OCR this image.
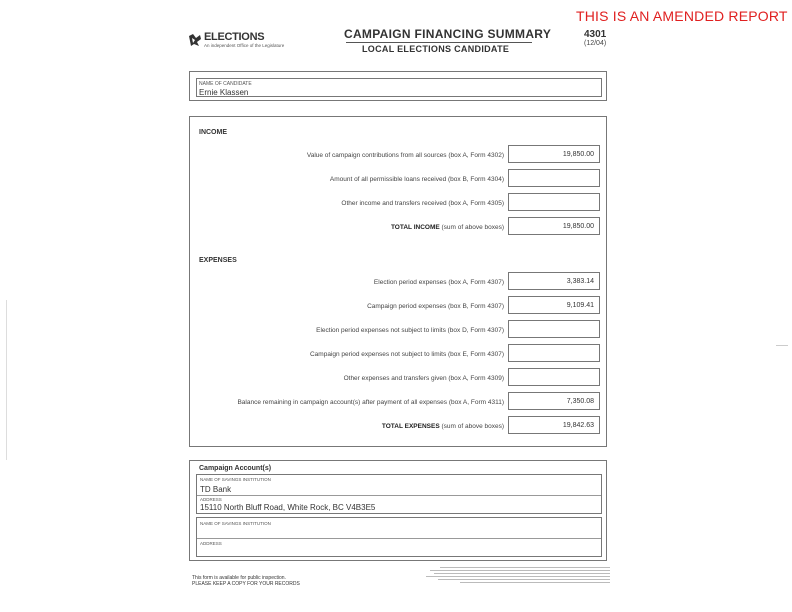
THIS IS AN AMENDED REPORT
ELECTIONS
An independent Office of the Legislature
CAMPAIGN FINANCING SUMMARY
LOCAL ELECTIONS CANDIDATE
4301
(12/04)
NAME OF CANDIDATE
Ernie Klassen
INCOME
Value of campaign contributions from all sources (box A, Form 4302)	19,850.00
Amount of all permissible loans received (box B, Form 4304)
Other income and transfers received (box A, Form 4305)
TOTAL INCOME (sum of above boxes)	19,850.00
EXPENSES
Election period expenses (box A, Form 4307)	3,383.14
Campaign period expenses (box B, Form 4307)	9,109.41
Election period expenses not subject to limits (box D, Form 4307)
Campaign period expenses not subject to limits (box E, Form 4307)
Other expenses and transfers given (box A, Form 4309)
Balance remaining in campaign account(s) after payment of all expenses (box A, Form 4311)	7,350.08
TOTAL EXPENSES (sum of above boxes)	19,842.63
Campaign Account(s)
NAME OF SAVINGS INSTITUTION
TD Bank
ADDRESS
15110 North Bluff Road, White Rock, BC V4B3E5
NAME OF SAVINGS INSTITUTION
ADDRESS
This form is available for public inspection.
PLEASE KEEP A COPY FOR YOUR RECORDS
